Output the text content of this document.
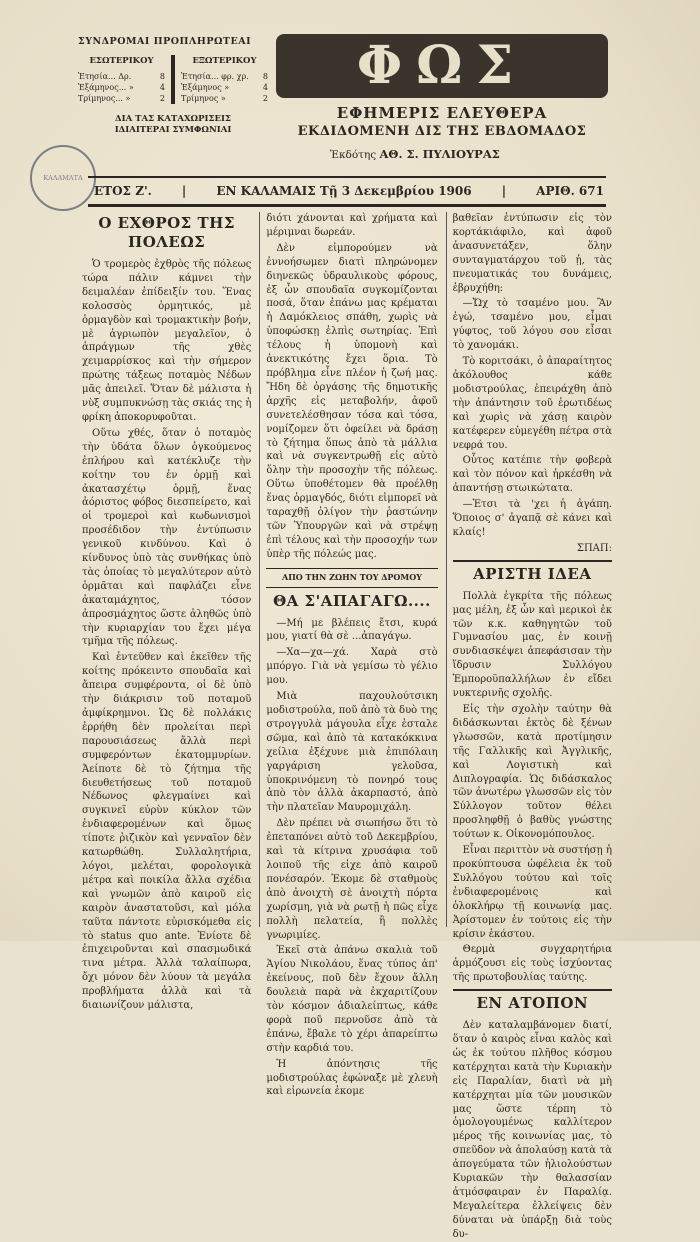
ΣΥΝΔΡΟΜΑΙ ΠΡΟΠΛΗΡΩΤΕΑΙ
ΕΣΩΤΕΡΙΚΟΥ
Ἐτησία... Δρ.	8
Ἑξάμηνος... »	4
Τρίμηνος... »	2
ΕΞΩΤΕΡΙΚΟΥ
Ἐτησία... φρ. χρ. 8
Ἑξάμηνος »	4
Τρίμηνος »	2
ΔΙΑ ΤΑΣ ΚΑΤΑΧΩΡΙΣΕΙΣ
ΙΔΙΑΙΤΕΡΑΙ ΣΥΜΦΩΝΙΑΙ
ΦΩΣ
ΕΦΗΜΕΡΙΣ ΕΛΕΥΘΕΡΑ
ΕΚΔΙΔΟΜΕΝΗ ΔΙΣ ΤΗΣ ΕΒΔΟΜΑΔΟΣ
Ἐκδότης ΑΘ. Σ. ΠΥΛΙΟΥΡΑΣ
ΚΑΛΑΜΑΤΑ
ΕΤΟΣ Ζ'.	|	ΕΝ ΚΑΛΑΜΑΙΣ Τῇ 3 Δεκεμβρίου 1906	|	ΑΡΙΘ. 671
Ο ΕΧΘΡΟΣ ΤΗΣ ΠΟΛΕΩΣ

Ὁ τρομερὸς ἐχθρὸς τῆς πόλεως τώρα πάλιν κάμνει τὴν δειμαλέαν ἐπίδειξίν του. Ἕνας κολοσσὸς ὁρμητικός, μὲ ὁρμαγδὸν καὶ τρομακτικὴν βοήν, μὲ ἀγριωπὸν μεγαλεῖον, ὁ ἀπράγμων τῆς χθὲς χειμαρρίσκος καὶ τὴν σήμερον πρώτης τάξεως ποταμὸς Νέδων μᾶς ἀπειλεῖ. Ὅταν δὲ μάλιστα ἡ νὺξ συμπυκνώσῃ τὰς σκιάς της ἡ φρίκη ἀποκορυφοῦται.

Οὕτω χθές, ὅταν ὁ ποταμὸς τὴν ὑδάτα ὅλων ὀγκούμενος ἐπλήρου καὶ κατέκλυζε τὴν κοίτην του ἐν ὁρμῇ καὶ ἀκατασχέτῳ ὁρμῇ, ἕνας ἀόριστος φόβος διεσπείρετο, καὶ οἱ τρομεροὶ καὶ κωδωνισμοὶ προσέδιδον τὴν ἐντύπωσιν γενικοῦ κινδύνου. Καὶ ὁ κίνδυνος ὑπὸ τὰς συνθήκας ὑπὸ τὰς ὁποίας τὸ μεγαλύτερον αὐτὸ ὁρμᾶται καὶ παφλάζει εἶνε ἀκαταμάχητος, τόσον ἀπροσμάχητος ὥστε ἀληθῶς ὑπὸ τὴν κυριαρχίαν του ἔχει μέγα τμῆμα τῆς πόλεως.

Καὶ ἐντεῦθεν καὶ ἐκεῖθεν τῆς κοίτης πρόκειντο σπουδαῖα καὶ ἄπειρα συμφέροντα, οἱ δὲ ὑπὸ τὴν διάκρισιν τοῦ ποταμοῦ ἀμφίκρημνοι. Ὡς δὲ πολλάκις ἐρρήθη δὲν προλείται περὶ παρουσιάσεως ἄλλὰ περὶ συμφερόντων ἑκατομμυρίων. Ἀείποτε δὲ τὸ ζήτημα τῆς διευθετήσεως τοῦ ποταμοῦ Νέδωνος φλεγμαίνει καὶ συγκινεῖ εὐρὺν κύκλον τῶν ἐνδιαφερομένων καὶ ὅμως τίποτε ῥιζικὸν καὶ γενναῖον δὲν κατωρθώθη. Συλλαλητήρια, λόγοι, μελέται, φορολογικὰ μέτρα καὶ ποικίλα ἄλλα σχέδια καὶ γνωμῶν ἀπὸ καιροῦ εἰς καιρὸν ἀναστατοῦσι, καὶ μόλα ταῦτα πάντοτε εὑρισκόμεθα εἰς τὸ status quo ante. Ἐνίοτε δὲ ἐπιχειροῦνται καὶ σπασμωδικά τινα μέτρα. Ἀλλὰ ταλαίπωρα, ὄχι μόνον δὲν λύουν τὰ μεγάλα προβλήματα ἀλλὰ καὶ τὰ διαιωνίζουν μάλιστα,

διότι χάνονται καὶ χρήματα καὶ μέριμναι δωρεάν.

Δὲν εἰμπορούμεν νὰ ἐννοήσωμεν διατὶ πληρώνομεν διηνεκῶς ὑδραυλικοὺς φόρους, ἐξ ὧν σπουδαῖα συγκομίζονται ποσά, ὅταν ἐπάνω μας κρέμαται ἡ Δαμόκλειος σπάθη, χωρὶς νὰ ὑποφώσκῃ ἐλπὶς σωτηρίας. Ἐπὶ τέλους ἡ ὑπομονὴ καὶ ἀνεκτικότης ἔχει ὅρια. Τὸ πρόβλημα εἶνε πλέον ἡ ζωή μας. Ἤδη δὲ ὀργάσης τῆς δημοτικῆς ἀρχῆς εἰς μεταβολήν, ἀφοῦ συνετελέσθησαν τόσα καὶ τόσα, νομίζομεν ὅτι ὀφείλει νὰ δράσῃ τὸ ζήτημα ὅπως ἀπὸ τὰ μάλλια καὶ νὰ συγκεντρωθῇ εἰς αὐτὸ ὅλην τὴν προσοχὴν τῆς πόλεως. Οὕτω ὑποθέτομεν θὰ προέλθῃ ἕνας ὁρμαγδός, διότι εἰμπορεῖ νὰ ταραχθῇ ὀλίγον τὴν ῥαστώνην τῶν Ὑπουργῶν καὶ νὰ στρέψῃ ἐπὶ τέλους καὶ τὴν προσοχήν των ὑπὲρ τῆς πόλεώς μας.

ΑΠΟ ΤΗΝ ΖΩΗΝ ΤΟΥ ΔΡΟΜΟΥ
ΘΑ Σ'ΑΠΑΓΑΓΩ....

—Μή με βλέπεις ἔτσι, κυρά μου, γιατί θὰ σὲ ...ἀπαγάγω.

—Χα—χα—χά. Χαρὰ στὸ μπόργο. Γιὰ νὰ γεμίσω τὸ γέλιο μου.

Μιὰ παχουλούτσικη μοδιστρούλα, ποῦ ἀπὸ τὰ δυὸ της στρογγυλὰ μάγουλα εἶχε ἐσταλε σῶμα, καὶ ἀπὸ τὰ κατακόκκινα χείλια ἐξέχυνε μιὰ ἐπιπόλαιη γαργάριση γελοῦσα, ὑποκρινόμενη τὸ πονηρό τους ἀπὸ τὸν ἀλλὰ ἀκαρπαστό, ἀπὸ τὴν πλατεῖαν Μαυρομιχάλη.

Δὲν πρέπει νὰ σιωπήσω ὅτι τὸ ἐπεταπόνει αὐτὸ τοῦ Δεκεμβρίου, καὶ τὰ κίτρινα χρυσάφια τοῦ λοιποῦ τῆς εἰχε ἀπὸ καιροῦ πονέσαρόν. Ἐκομε δὲ σταθμοὺς ἀπὸ ἀνοιχτὴ σὲ ἀνοιχτὴ πόρτα χωρίσμη, γιὰ νὰ ρωτῇ ἡ πῶς εἶχε πολλὴ πελατεία, ἢ πολλὲς γνωριμίες.

Ἐκεῖ στὰ ἀπάνω σκαλιὰ τοῦ Ἁγίου Νικολάου, ἕνας τύπος ἀπ' ἐκείνους, ποῦ δὲν ἔχουν ἄλλη δουλειὰ παρὰ νὰ ἐκχαριτίζουν τὸν κόσμον ἀδιαλείπτως, κάθε φορὰ ποῦ περνοῦσε ἀπὸ τὰ ἐπάνω, ἔβαλε τὸ χέρι ἀπαρείπτω στὴν καρδιά του.

Ἡ ἀπόντησις τῆς μοδιστρούλας ἐφώναξε μὲ χλευὴ καὶ εἰρωνεία ἐκομε

βαθεῖαν ἐντύπωσιν εἰς τὸν κορτάκιάφιλο, καὶ ἀφοῦ ἀνασυνετάξεν, ὅλην συνταγματάρχου τοῦ ᾐ, τὰς πνευματικάς του δυνάμεις, ἐβρυχήθη:

—Ὤχ τὸ τσαμένο μου. Ἂν ἐγώ, τσαμένο μου, εἶμαι γύφτος, τοῦ λόγου σου εἶσαι τὸ χανομάκι.

Τὸ κοριτσάκι, ὁ ἀπαραίτητος ἀκόλουθος κάθε μοδιστρούλας, ἐπειράχθη ἀπὸ τὴν ἀπάντησιν τοῦ ἐρωτιδέως καὶ χωρὶς νὰ χάσῃ καιρὸν κατέφερεν εὐμεγέθη πέτρα στὰ νεφρά του.

Οὗτος κατέπιε τὴν φοβερὰ καὶ τὸν πόνον καὶ ἠρκέσθη νὰ ἀπαντήσῃ στωικώτατα.

—Ἐτσι τὰ 'χει ἡ ἀγάπη. Ὅποιος σ' ἀγαπᾷ σὲ κάνει καὶ κλαίς!

ΣΠΑΠ:
ΑΡΙΣΤΗ ΙΔΕΑ

Πολλὰ ἐγκρίτα τῆς πόλεως μας μέλη, ἐξ ὧν καὶ μερικοὶ ἐκ τῶν κ.κ. καθηγητῶν τοῦ Γυμνασίου μας, ἐν κοινῇ συνδιασκέψει ἀπεφάσισαν τὴν ἵδρυσιν Συλλόγου Ἐμποροϋπαλλήλων ἐν εἴδει νυκτερινῆς σχολῆς.

Εἰς τὴν σχολὴν ταύτην θὰ διδάσκωνται ἐκτὸς δὲ ξένων γλωσσῶν, κατὰ προτίμησιν τῆς Γαλλικῆς καὶ Ἀγγλικῆς, καὶ Λογιστικὴ καὶ Διπλογραφία. Ὡς διδάσκαλος τῶν ἀνωτέρω γλωσσῶν εἰς τὸν Σύλλογον τοῦτον θέλει προσληφθῇ ὁ βαθὺς γνώστης τούτων κ. Οἰκονομόπουλος.

Εἶναι περιττὸν νὰ συστήσῃ ἡ προκύπτουσα ὠφέλεια ἐκ τοῦ Συλλόγου τούτου καὶ τοῖς ἐνδιαφερομένοις καὶ ὁλοκλήρῳ τῇ κοινωνίᾳ μας. Ἀρίστομεν ἐν τούτοις εἰς τὴν κρίσιν ἑκάστου.

Θερμὰ συγχαρητήρια ἁρμόζουσι εἰς τοὺς ἰσχύοντας τῆς πρωτοβουλίας ταύτης.

ΕΝ ΑΤΟΠΟΝ

Δὲν καταλαμβάνομεν διατί, ὅταν ὁ καιρὸς εἶναι καλὸς καὶ ὡς ἐκ τούτου πλῆθος κόσμου κατέρχηται κατὰ τὴν Κυριακὴν εἰς Παραλίαν, διατὶ νὰ μὴ κατέρχηται μία τῶν μουσικῶν μας ὥστε τέρπη τὸ ὁμολογουμένως καλλίτερον μέρος τῆς κοινωνίας μας, τὸ σπεῦδον νὰ ἀπολαύσῃ κατὰ τὰ ἀπογεύματα τῶν ἡλιολούστων Κυριακῶν τὴν θαλασσίαν ἀτμόσφαιραν ἐν Παραλίᾳ. Μεγαλείτερα ἐλλείψεις δὲν δύναται νὰ ὑπάρξῃ διὰ τοὺς δυ-
